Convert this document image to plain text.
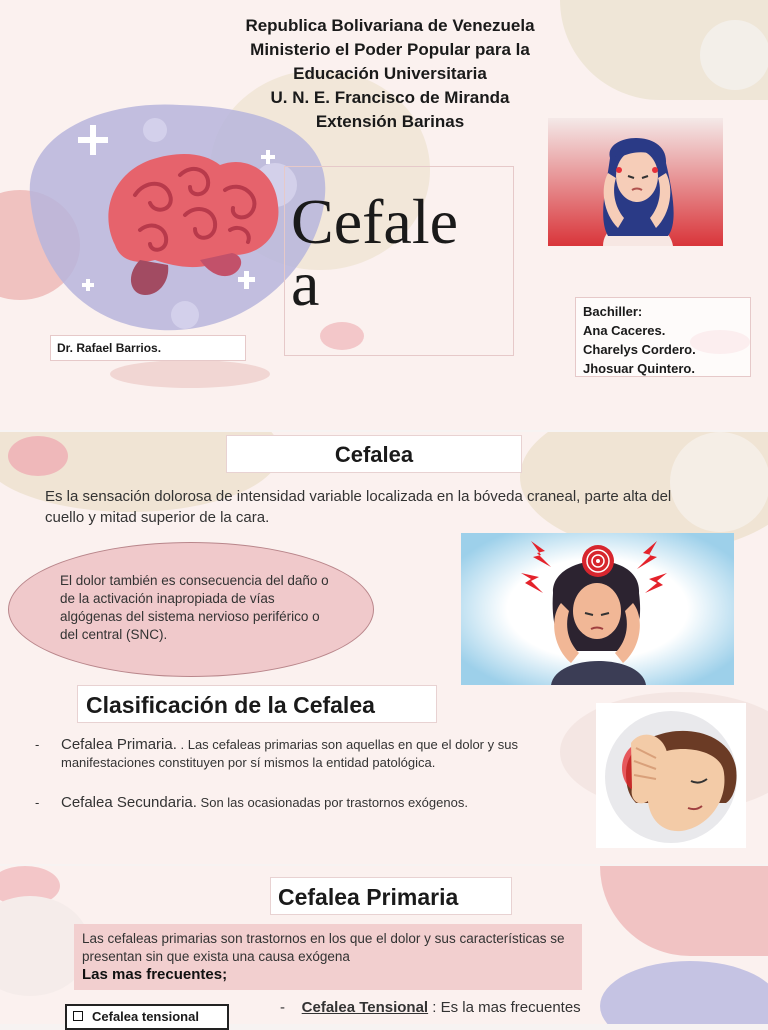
Republica Bolivariana de Venezuela
Ministerio el Poder Popular para la
Educación Universitaria
U. N. E. Francisco de Miranda
Extensión Barinas
Cefale
a
Dr. Rafael Barrios.
Bachiller:
Ana Caceres.
Charelys Cordero.
Jhosuar Quintero.
Cefalea
Es la sensación dolorosa de intensidad variable localizada en la bóveda craneal, parte alta del cuello y mitad superior de la cara.

El dolor también es consecuencia del daño o de la activación inapropiada de vías algógenas del sistema nervioso periférico o del central (SNC).

Clasificación de la Cefalea
- Cefalea Primaria. . Las cefaleas primarias son aquellas en que el dolor y sus manifestaciones constituyen por sí mismos la entidad patológica.
- Cefalea Secundaria. Son las ocasionadas por trastornos exógenos.
Cefalea Primaria

Las cefaleas primarias son trastornos en los que el dolor y sus características se presentan sin que exista una causa exógena

Las mas frecuentes;
Cefalea tensional
- Cefalea Tensional : Es la mas frecuentes
